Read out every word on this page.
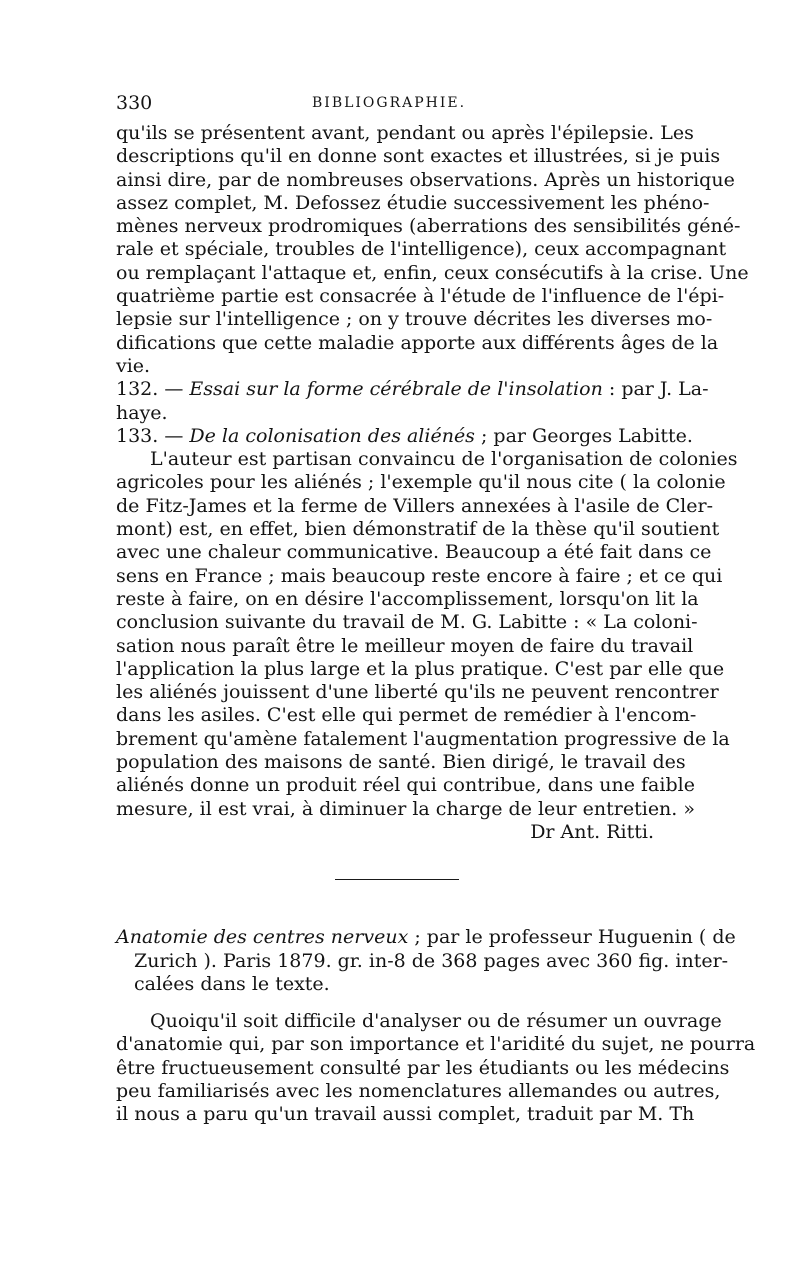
330	BIBLIOGRAPHIE.

qu'ils se présentent avant, pendant ou après l'épilepsie. Les

descriptions qu'il en donne sont exactes et illustrées, si je puis

ainsi dire, par de nombreuses observations. Après un historique

assez complet, M. Defossez étudie successivement les phéno-

mènes nerveux prodromiques (aberrations des sensibilités géné-

rale et spéciale, troubles de l'intelligence), ceux accompagnant

ou remplaçant l'attaque et, enfin, ceux consécutifs à la crise. Une

quatrième partie est consacrée à l'étude de l'influence de l'épi-

lepsie sur l'intelligence ; on y trouve décrites les diverses mo-

difications que cette maladie apporte aux différents âges de la

vie.

132. — Essai sur la forme cérébrale de l'insolation : par J. La-

haye.

133. — De la colonisation des aliénés ; par Georges Labitte.

L'auteur est partisan convaincu de l'organisation de colonies

agricoles pour les aliénés ; l'exemple qu'il nous cite ( la colonie

de Fitz-James et la ferme de Villers annexées à l'asile de Cler-

mont) est, en effet, bien démonstratif de la thèse qu'il soutient

avec une chaleur communicative. Beaucoup a été fait dans ce

sens en France ; mais beaucoup reste encore à faire ; et ce qui

reste à faire, on en désire l'accomplissement, lorsqu'on lit la

conclusion suivante du travail de M. G. Labitte : « La coloni-

sation nous paraît être le meilleur moyen de faire du travail

l'application la plus large et la plus pratique. C'est par elle que

les aliénés jouissent d'une liberté qu'ils ne peuvent rencontrer

dans les asiles. C'est elle qui permet de remédier à l'encom-

brement qu'amène fatalement l'augmentation progressive de la

population des maisons de santé. Bien dirigé, le travail des

aliénés donne un produit réel qui contribue, dans une faible

mesure, il est vrai, à diminuer la charge de leur entretien. »

Dr Ant. Ritti.

Anatomie des centres nerveux ; par le professeur Huguenin ( de

Zurich ). Paris 1879. gr. in-8 de 368 pages avec 360 fig. inter-

calées dans le texte.

Quoiqu'il soit difficile d'analyser ou de résumer un ouvrage

d'anatomie qui, par son importance et l'aridité du sujet, ne pourra

être fructueusement consulté par les étudiants ou les médecins

peu familiarisés avec les nomenclatures allemandes ou autres,

il nous a paru qu'un travail aussi complet, traduit par M. Th
